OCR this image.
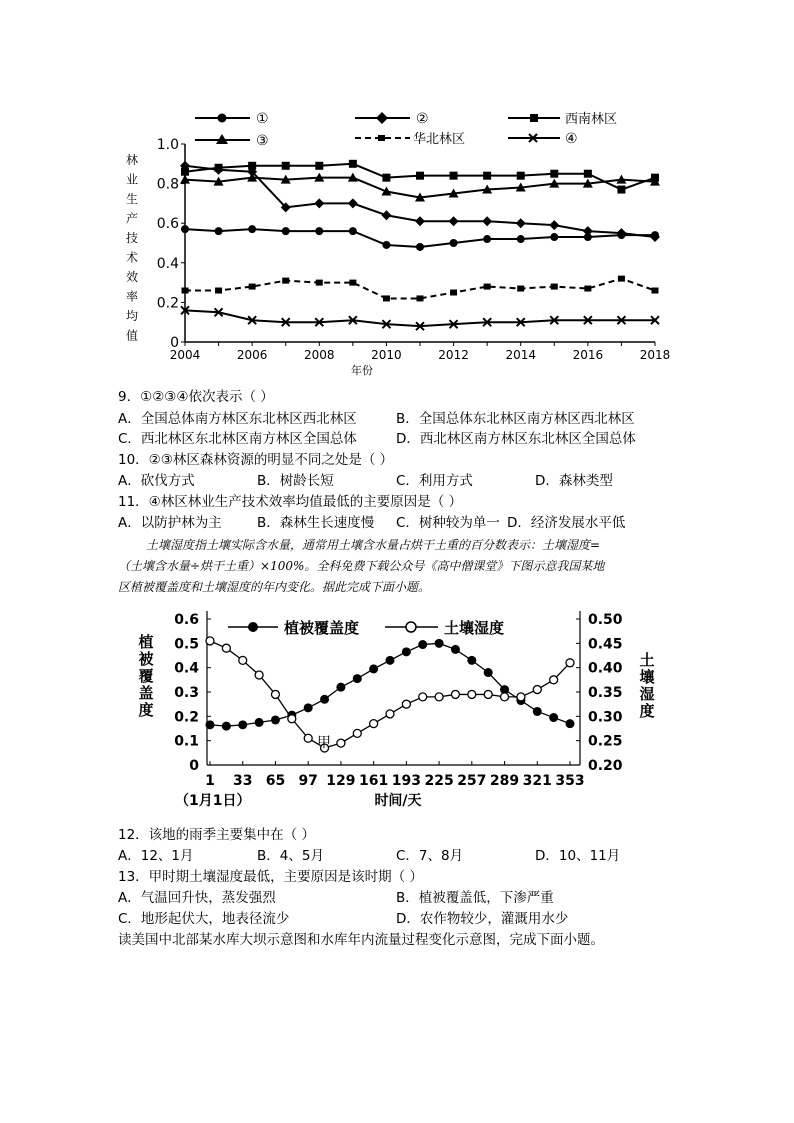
①	②	西南林区
③	华北林区	④
林
业
生
产
技
术
效
率
均
值
1.0
0.8
0.6
0.4
0.2
0
2004	2006	2008	2010	2012	2014	2016	2018
年份
9．①②③④依次表示（ ）
A．全国总体南方林区东北林区西北林区	B．全国总体东北林区南方林区西北林区
C．西北林区东北林区南方林区全国总体	D．西北林区南方林区东北林区全国总体
10．②③林区森林资源的明显不同之处是（ ）
A．砍伐方式	B．树龄长短	C．利用方式	D．森林类型
11．④林区林业生产技术效率均值最低的主要原因是（ ）
A．以防护林为主	B．森林生长速度慢 C．树种较为单一 D．经济发展水平低
土壤湿度指土壤实际含水量，通常用土壤含水量占烘干土重的百分数表示：土壤湿度=
（土壤含水量÷烘干土重）×100%。全科免费下载公众号《高中僧课堂》下图示意我国某地
区植被覆盖度和土壤湿度的年内变化。据此完成下面小题。
植被覆盖度	土壤湿度
植
被
覆
盖
度
土
壤
湿
度
0.6
0.5
0.4
0.3
0.2
0.1
0
0.50
0.45
0.40
0.35
0.30
0.25
0.20
1 33 65 97 129 161 193 225 257 289 321 353
甲
（1月1日）	时间/天
12．该地的雨季主要集中在（ ）
A．12、1月	B．4、5月	C．7、8月	D．10、11月
13．甲时期土壤湿度最低，主要原因是该时期（ ）
A．气温回升快，蒸发强烈	B．植被覆盖低，下渗严重
C．地形起伏大，地表径流少	D．农作物较少，灌溉用水少
读美国中北部某水库大坝示意图和水库年内流量过程变化示意图，完成下面小题。
